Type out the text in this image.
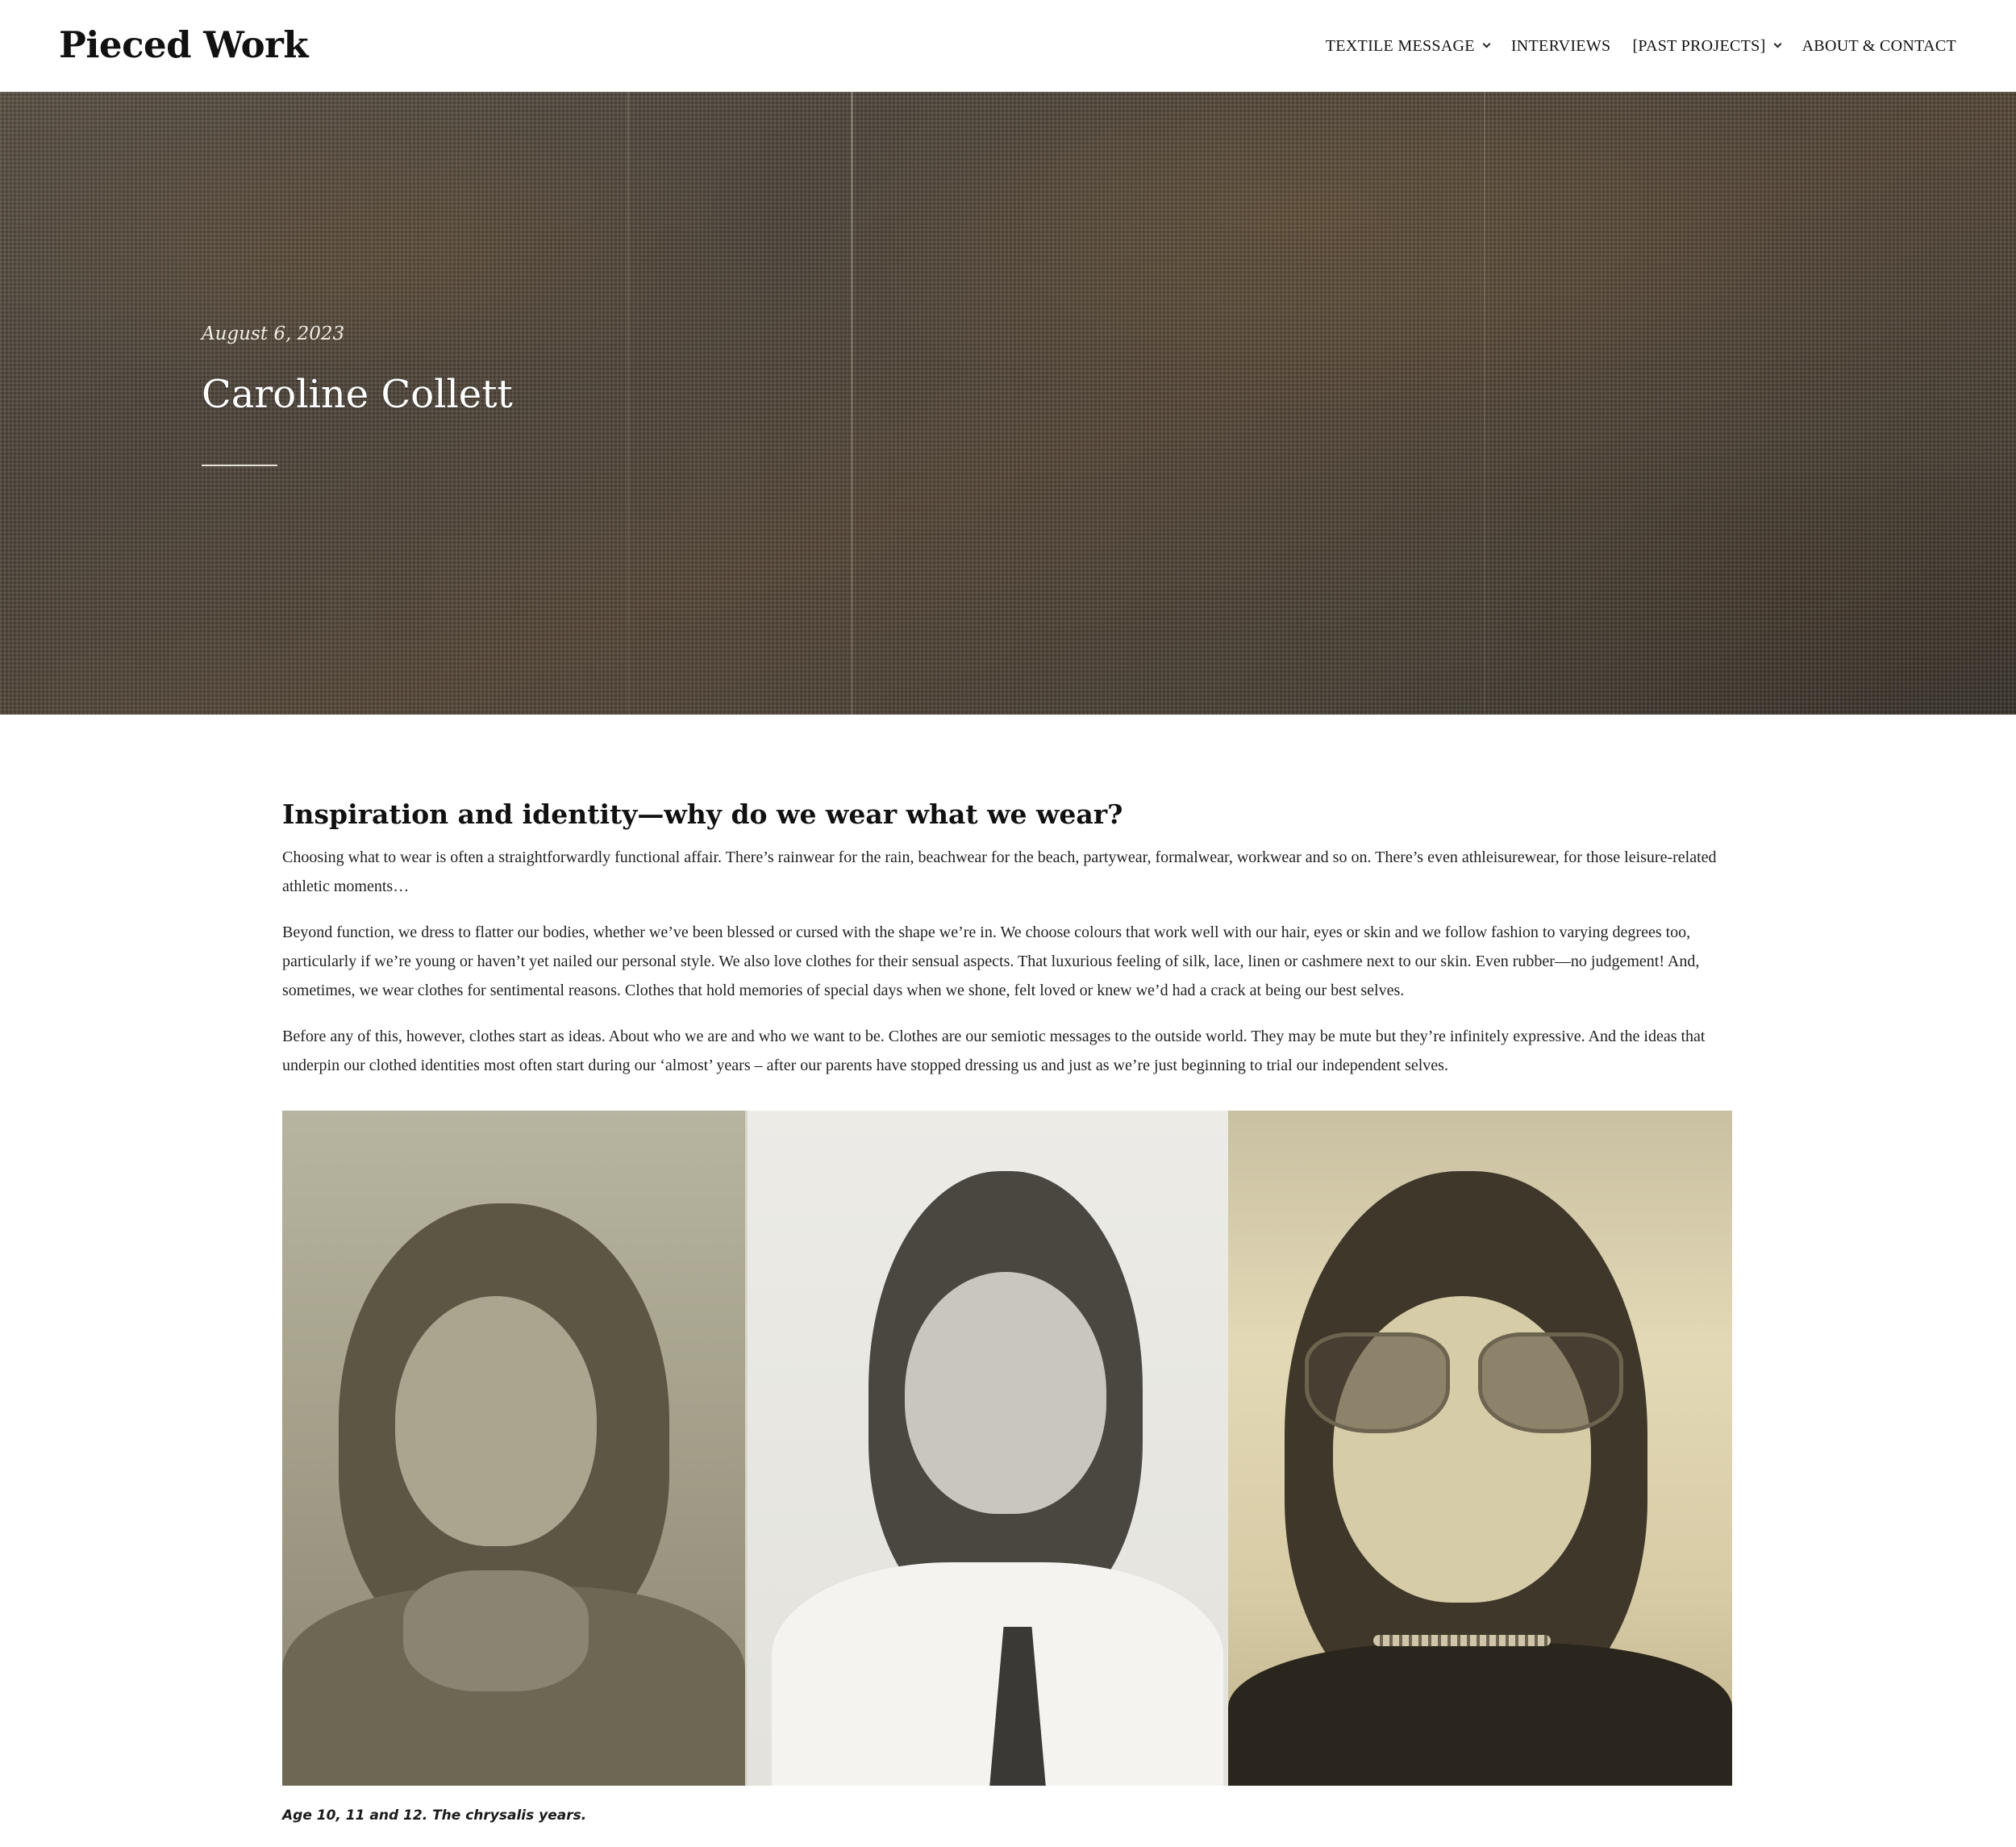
Pieced Work	TEXTILE MESSAGE INTERVIEWS [PAST PROJECTS] ABOUT & CONTACT
August 6, 2023
Caroline Collett
Inspiration and identity—why do we wear what we wear?

Choosing what to wear is often a straightforwardly functional affair. There’s rainwear for the rain, beachwear for the beach, partywear, formalwear, workwear and so on. There’s even athleisurewear, for those leisure-related athletic moments…

Beyond function, we dress to flatter our bodies, whether we’ve been blessed or cursed with the shape we’re in. We choose colours that work well with our hair, eyes or skin and we follow fashion to varying degrees too, particularly if we’re young or haven’t yet nailed our personal style. We also love clothes for their sensual aspects. That luxurious feeling of silk, lace, linen or cashmere next to our skin. Even rubber—no judgement! And, sometimes, we wear clothes for sentimental reasons. Clothes that hold memories of special days when we shone, felt loved or knew we’d had a crack at being our best selves.

Before any of this, however, clothes start as ideas. About who we are and who we want to be. Clothes are our semiotic messages to the outside world. They may be mute but they’re infinitely expressive. And the ideas that underpin our clothed identities most often start during our ‘almost’ years – after our parents have stopped dressing us and just as we’re just beginning to trial our independent selves.

Age 10, 11 and 12. The chrysalis years.
